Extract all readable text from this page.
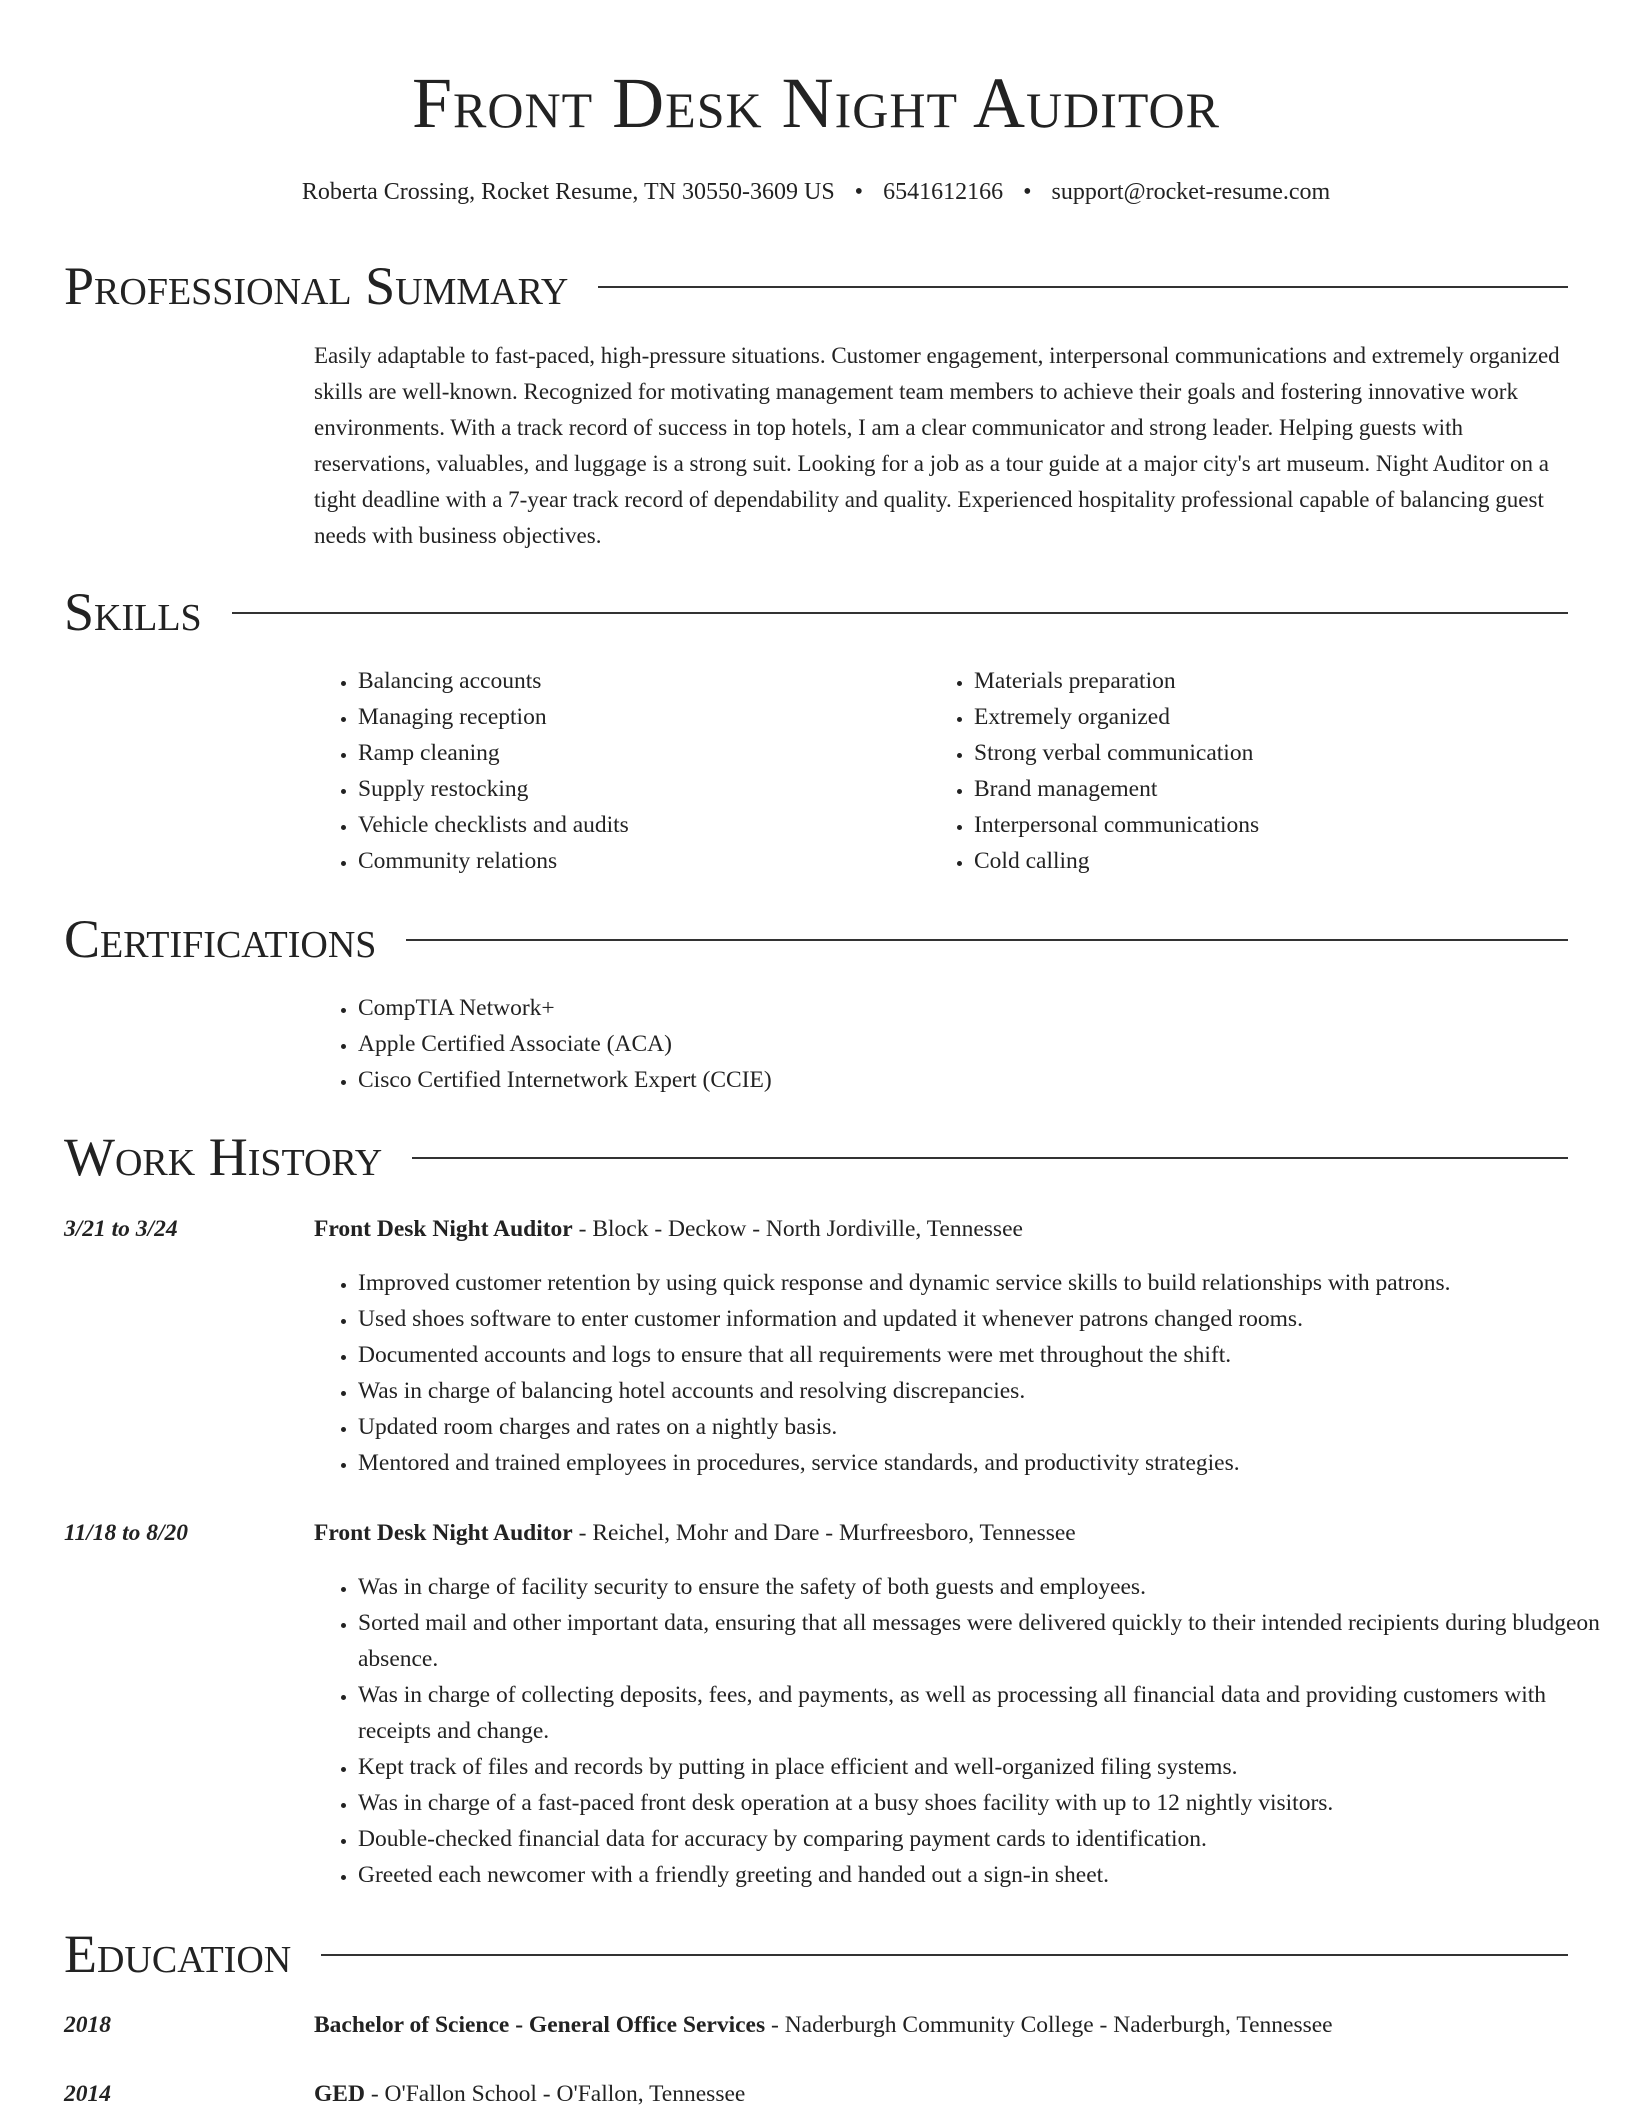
Front Desk Night Auditor
Roberta Crossing, Rocket Resume, TN 30550-3609 US • 6541612166 • support@rocket-resume.com
Professional Summary

Easily adaptable to fast-paced, high-pressure situations. Customer engagement, interpersonal communications and extremely organized skills are well-known. Recognized for motivating management team members to achieve their goals and fostering innovative work environments. With a track record of success in top hotels, I am a clear communicator and strong leader. Helping guests with reservations, valuables, and luggage is a strong suit. Looking for a job as a tour guide at a major city's art museum. Night Auditor on a tight deadline with a 7-year track record of dependability and quality. Experienced hospitality professional capable of balancing guest needs with business objectives.

Skills
• Balancing accounts
• Managing reception
• Ramp cleaning
• Supply restocking
• Vehicle checklists and audits
• Community relations
• Materials preparation
• Extremely organized
• Strong verbal communication
• Brand management
• Interpersonal communications
• Cold calling
Certifications
• CompTIA Network+
• Apple Certified Associate (ACA)
• Cisco Certified Internetwork Expert (CCIE)
Work History
3/21 to 3/24	Front Desk Night Auditor - Block - Deckow - North Jordiville, Tennessee
• Improved customer retention by using quick response and dynamic service skills to build relationships with patrons.
• Used shoes software to enter customer information and updated it whenever patrons changed rooms.
• Documented accounts and logs to ensure that all requirements were met throughout the shift.
• Was in charge of balancing hotel accounts and resolving discrepancies.
• Updated room charges and rates on a nightly basis.
• Mentored and trained employees in procedures, service standards, and productivity strategies.
11/18 to 8/20	Front Desk Night Auditor - Reichel, Mohr and Dare - Murfreesboro, Tennessee
• Was in charge of facility security to ensure the safety of both guests and employees.
• Sorted mail and other important data, ensuring that all messages were delivered quickly to their intended recipients during bludgeon absence.
• Was in charge of collecting deposits, fees, and payments, as well as processing all financial data and providing customers with receipts and change.
• Kept track of files and records by putting in place efficient and well-organized filing systems.
• Was in charge of a fast-paced front desk operation at a busy shoes facility with up to 12 nightly visitors.
• Double-checked financial data for accuracy by comparing payment cards to identification.
• Greeted each newcomer with a friendly greeting and handed out a sign-in sheet.
Education
2018	Bachelor of Science - General Office Services - Naderburgh Community College - Naderburgh, Tennessee
2014	GED - O'Fallon School - O'Fallon, Tennessee
